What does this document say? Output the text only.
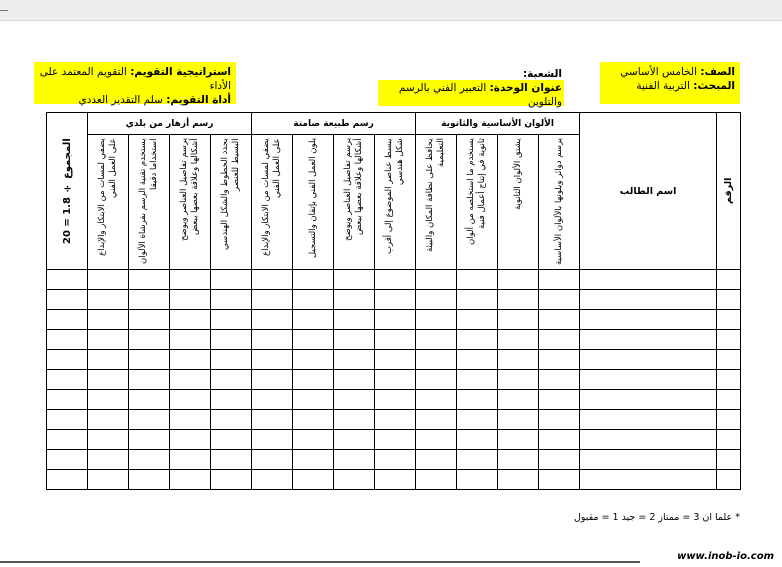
الصف: الخامس الأساسي
المبحث: التربية الفنية
الشعبة:
عنوان الوحدة: التعبير الفني بالرسم والتلوين
استراتيجية التقويم: التقويم المعتمد على الأداء
أداة التقويم: سلم التقدير العددي
الرقم	اسم الطالب	الألوان الأساسية والثانوية				رسم طبيعة صامتة				رسم أزهار من بلدي				المجموع ÷ 1.8 = 20

		يرسم دوائر ويلونها بالألوان الأساسية	يشتق الألوان الثانوية	يستخدم ما استخلصه من ألوان ثانوية في إنتاج أعمال فنية	يحافظ على نظافة المكان والبيئة التعليمية	يبسط عناصر الموضوع إلى أقرب شكل هندسي	يرسم تفاصيل العناصر ويوضح أشكالها وعلاقة بعضها ببعض	يلون العمل الفني بإتقان والتسجيل	يضفي لمسات من الابتكار والإبداع على العمل الفني	يحدد الخطوط والشكل الهندسي البسيط للعنصر	يرسم تفاصيل العناصر ويوضح أشكالها وعلاقة بعضها ببعض	يستخدم تقنية الرسم بفرشاة الألوان استخداما دقيقا	يضفي لمسات من الابتكار والإبداع على العمل الفني	

* علما ان 3 = ممتاز 2 = جيد 1 = مقبول
www.inob-io.com
